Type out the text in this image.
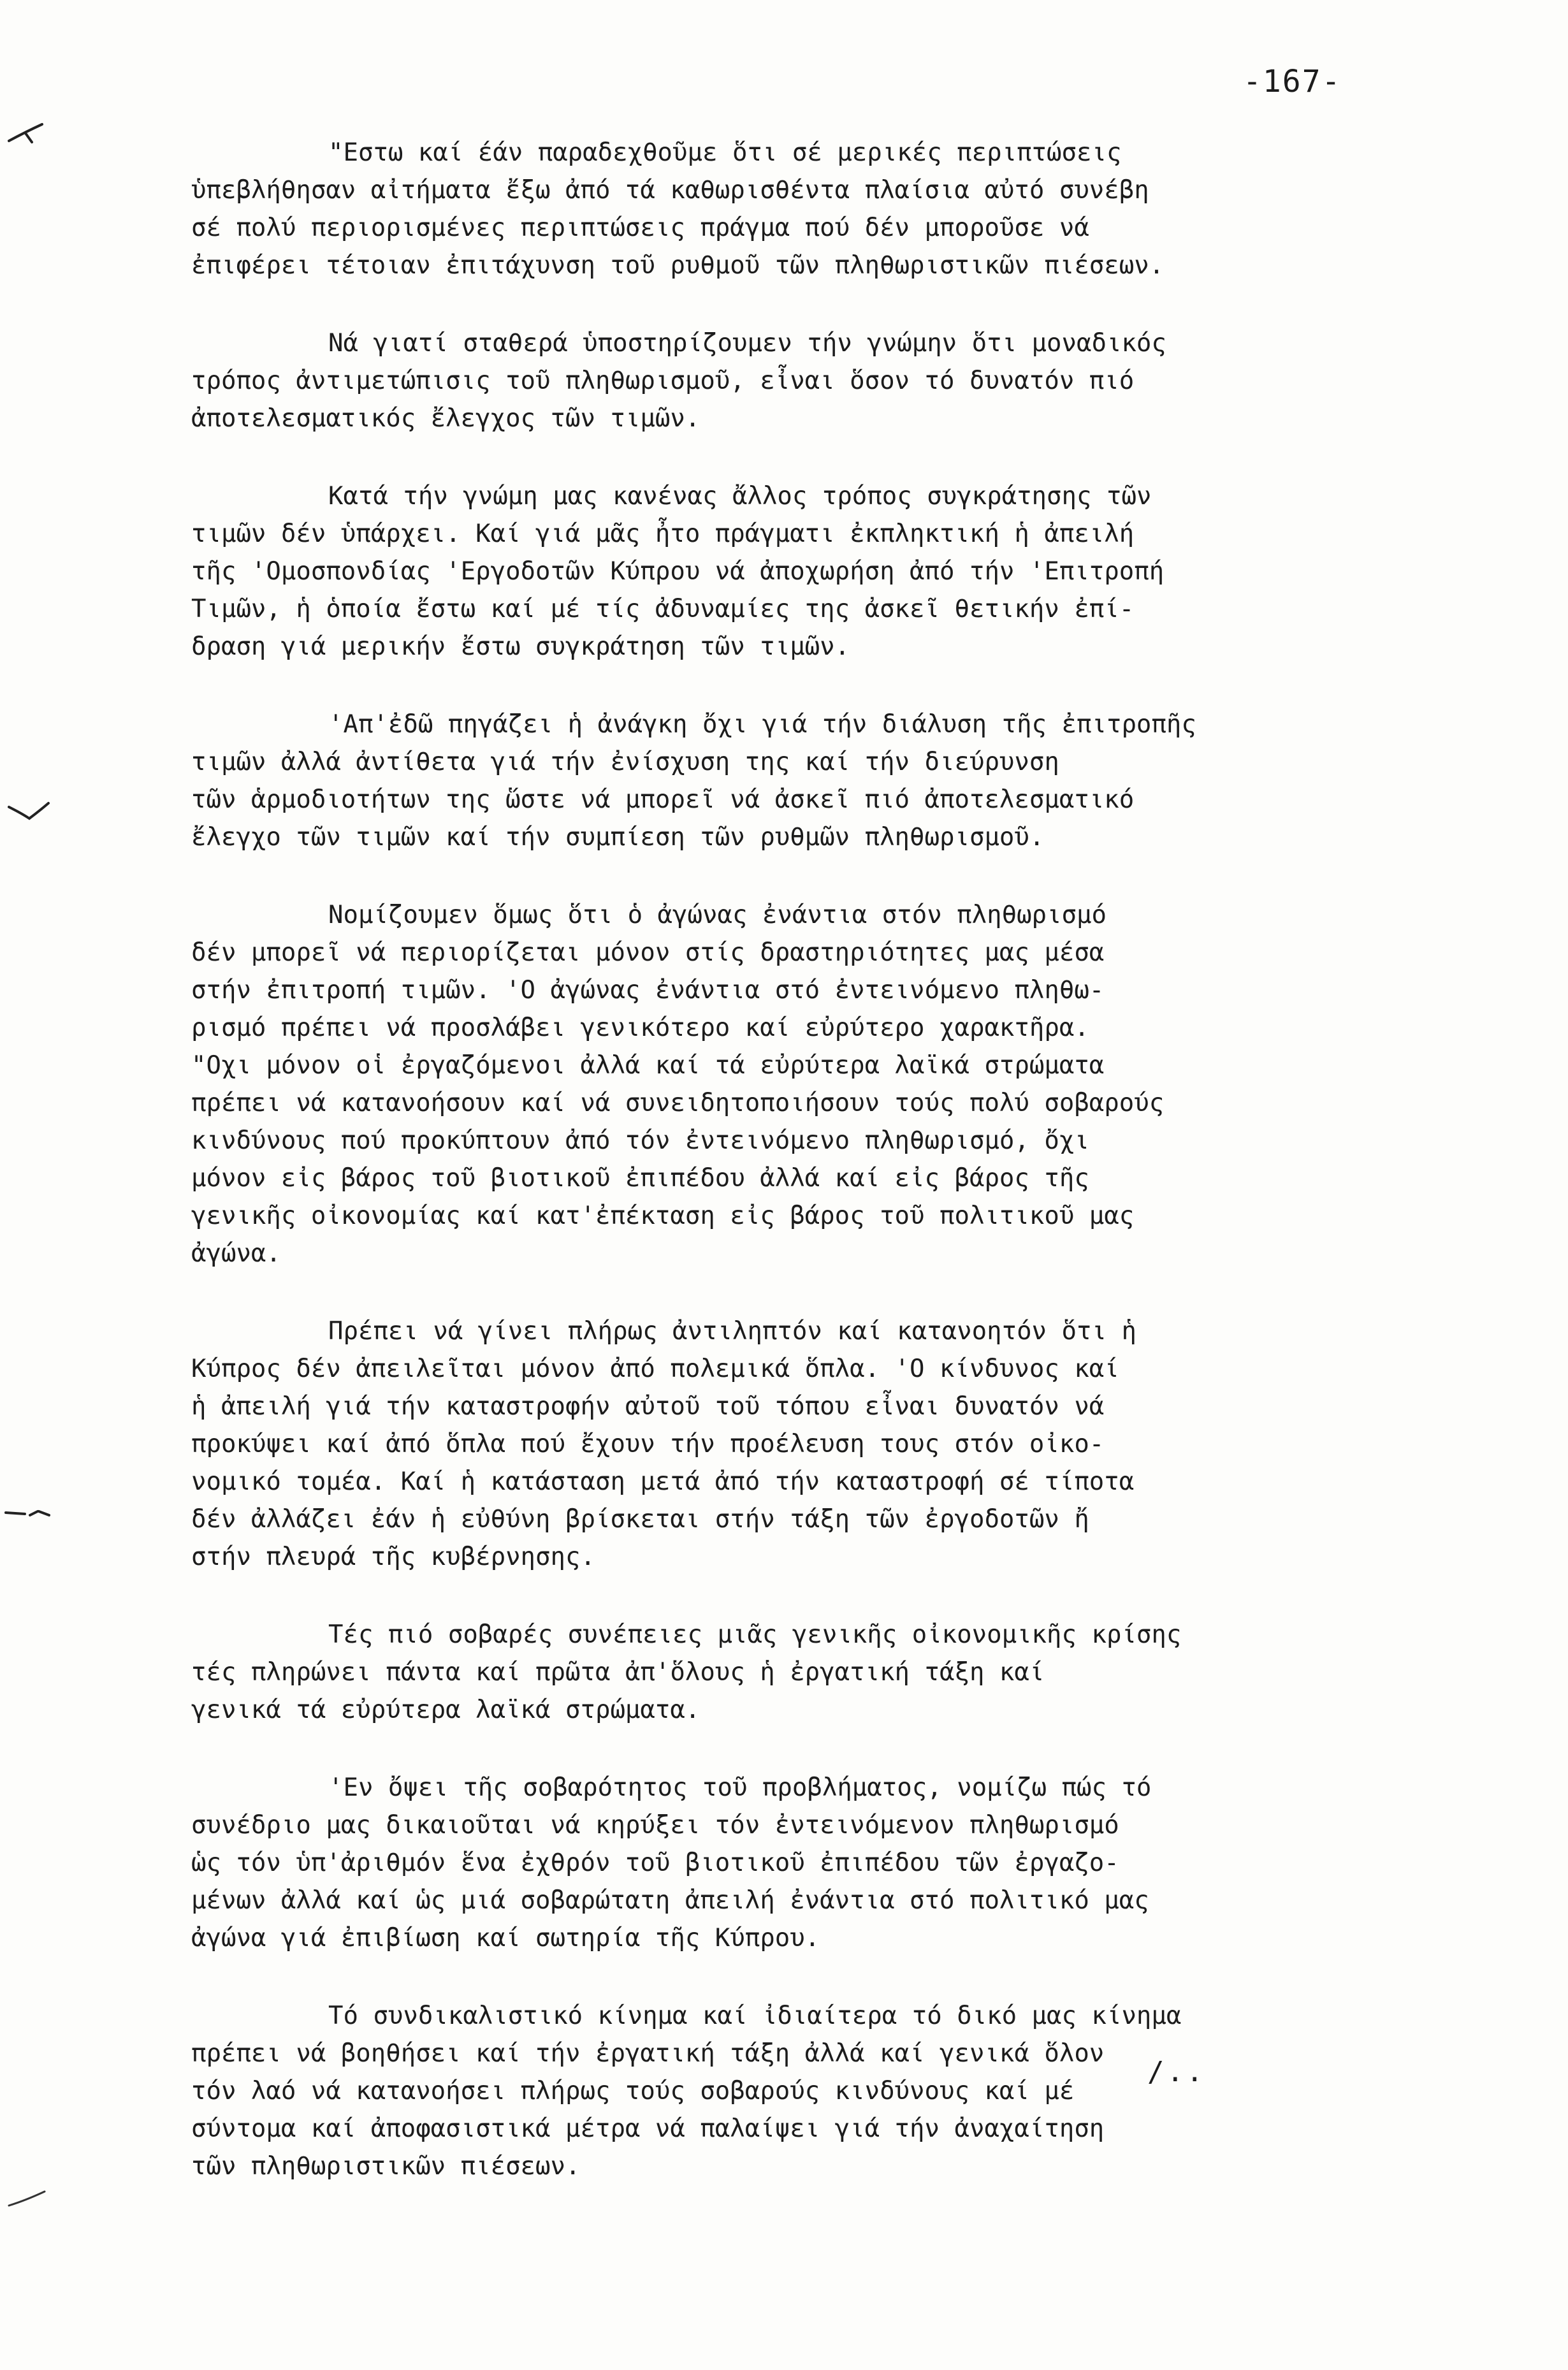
-167-
"Εστω καί έάν παραδεχθοῦμε ὅτι σέ μερικές περιπτώσεις
ὑπεβλήθησαν αἰτήματα ἔξω ἀπό τά καθωρισθέντα πλαίσια αὐτό συνέβη
σέ πολύ περιορισμένες περιπτώσεις πράγμα πού δέν μποροῦσε νά
ἐπιφέρει τέτοιαν ἐπιτάχυνση τοῦ ρυθμοῦ τῶν πληθωριστικῶν πιέσεων.
Νά γιατί σταθερά ὑποστηρίζουμεν τήν γνώμην ὅτι μοναδικός
τρόπος ἀντιμετώπισις τοῦ πληθωρισμοῦ, εἶναι ὅσον τό δυνατόν πιό
ἀποτελεσματικός ἔλεγχος τῶν τιμῶν.
Κατά τήν γνώμη μας κανένας ἄλλος τρόπος συγκράτησης τῶν
τιμῶν δέν ὑπάρχει. Καί γιά μᾶς ἦτο πράγματι ἐκπληκτική ἡ ἀπειλή
τῆς 'Ομοσπονδίας 'Εργοδοτῶν Κύπρου νά ἀποχωρήση ἀπό τήν 'Επιτροπή
Τιμῶν, ἡ ὁποία ἔστω καί μέ τίς ἀδυναμίες της ἀσκεῖ θετικήν ἐπί-
δραση γιά μερικήν ἔστω συγκράτηση τῶν τιμῶν.
'Απ'ἐδῶ πηγάζει ἡ ἀνάγκη ὄχι γιά τήν διάλυση τῆς ἐπιτροπῆς
τιμῶν ἀλλά ἀντίθετα γιά τήν ἐνίσχυση της καί τήν διεύρυνση
τῶν ἁρμοδιοτήτων της ὥστε νά μπορεῖ νά ἀσκεῖ πιό ἀποτελεσματικό
ἔλεγχο τῶν τιμῶν καί τήν συμπίεση τῶν ρυθμῶν πληθωρισμοῦ.
Νομίζουμεν ὅμως ὅτι ὁ ἀγώνας ἐνάντια στόν πληθωρισμό
δέν μπορεῖ νά περιορίζεται μόνον στίς δραστηριότητες μας μέσα
στήν ἐπιτροπή τιμῶν. 'Ο ἀγώνας ἐνάντια στό ἐντεινόμενο πληθω-
ρισμό πρέπει νά προσλάβει γενικότερο καί εὐρύτερο χαρακτῆρα.
"Οχι μόνον οἱ ἐργαζόμενοι ἀλλά καί τά εὐρύτερα λαϊκά στρώματα
πρέπει νά κατανοήσουν καί νά συνειδητοποιήσουν τούς πολύ σοβαρούς
κινδύνους πού προκύπτουν ἀπό τόν ἐντεινόμενο πληθωρισμό, ὄχι
μόνον εἰς βάρος τοῦ βιοτικοῦ ἐπιπέδου ἀλλά καί εἰς βάρος τῆς
γενικῆς οἰκονομίας καί κατ'ἐπέκταση εἰς βάρος τοῦ πολιτικοῦ μας
ἀγώνα.
Πρέπει νά γίνει πλήρως ἀντιληπτόν καί κατανοητόν ὅτι ἡ
Κύπρος δέν ἀπειλεῖται μόνον ἀπό πολεμικά ὅπλα. 'Ο κίνδυνος καί
ἡ ἀπειλή γιά τήν καταστροφήν αὐτοῦ τοῦ τόπου εἶναι δυνατόν νά
προκύψει καί ἀπό ὅπλα πού ἔχουν τήν προέλευση τους στόν οἰκο-
νομικό τομέα. Καί ἡ κατάσταση μετά ἀπό τήν καταστροφή σέ τίποτα
δέν ἀλλάζει ἐάν ἡ εὐθύνη βρίσκεται στήν τάξη τῶν ἐργοδοτῶν ἤ
στήν πλευρά τῆς κυβέρνησης.
Τές πιό σοβαρές συνέπειες μιᾶς γενικῆς οἰκονομικῆς κρίσης
τές πληρώνει πάντα καί πρῶτα ἀπ'ὅλους ἡ ἐργατική τάξη καί
γενικά τά εὐρύτερα λαϊκά στρώματα.
'Εν ὄψει τῆς σοβαρότητος τοῦ προβλήματος, νομίζω πώς τό
συνέδριο μας δικαιοῦται νά κηρύξει τόν ἐντεινόμενον πληθωρισμό
ὡς τόν ὑπ'ἀριθμόν ἕνα ἐχθρόν τοῦ βιοτικοῦ ἐπιπέδου τῶν ἐργαζο-
μένων ἀλλά καί ὡς μιά σοβαρώτατη ἀπειλή ἐνάντια στό πολιτικό μας
ἀγώνα γιά ἐπιβίωση καί σωτηρία τῆς Κύπρου.
Τό συνδικαλιστικό κίνημα καί ἰδιαίτερα τό δικό μας κίνημα
πρέπει νά βοηθήσει καί τήν ἐργατική τάξη ἀλλά καί γενικά ὅλον
τόν λαό νά κατανοήσει πλήρως τούς σοβαρούς κινδύνους καί μέ
σύντομα καί ἀποφασιστικά μέτρα νά παλαίψει γιά τήν ἀναχαίτηση
τῶν πληθωριστικῶν πιέσεων.
/..
